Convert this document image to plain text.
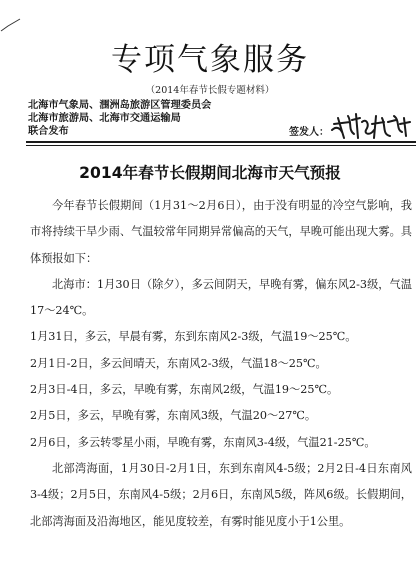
专项气象服务
（2014年春节长假专题材料）
北海市气象局、涠洲岛旅游区管理委员会
北海市旅游局、北海市交通运输局
联合发布	签发人：
2014年春节长假期间北海市天气预报

今年春节长假期间（1月31～2月6日），由于没有明显的冷空气影响，我市将持续干旱少雨、气温较常年同期异常偏高的天气，早晚可能出现大雾。具体预报如下：

北海市：1月30日（除夕），多云间阴天，早晚有雾，偏东风2-3级，气温17～24℃。

1月31日，多云，早晨有雾，东到东南风2-3级，气温19～25℃。

2月1日-2日，多云间晴天，东南风2-3级，气温18～25℃。

2月3日-4日，多云，早晚有雾，东南风2级，气温19～25℃。

2月5日，多云，早晚有雾，东南风3级，气温20～27℃。

2月6日，多云转零星小雨，早晚有雾，东南风3-4级，气温21-25℃。

北部湾海面，1月30日-2月1日，东到东南风4-5级；2月2日-4日东南风3-4级；2月5日，东南风4-5级；2月6日，东南风5级，阵风6级。长假期间，北部湾海面及沿海地区，能见度较差，有雾时能见度小于1公里。
